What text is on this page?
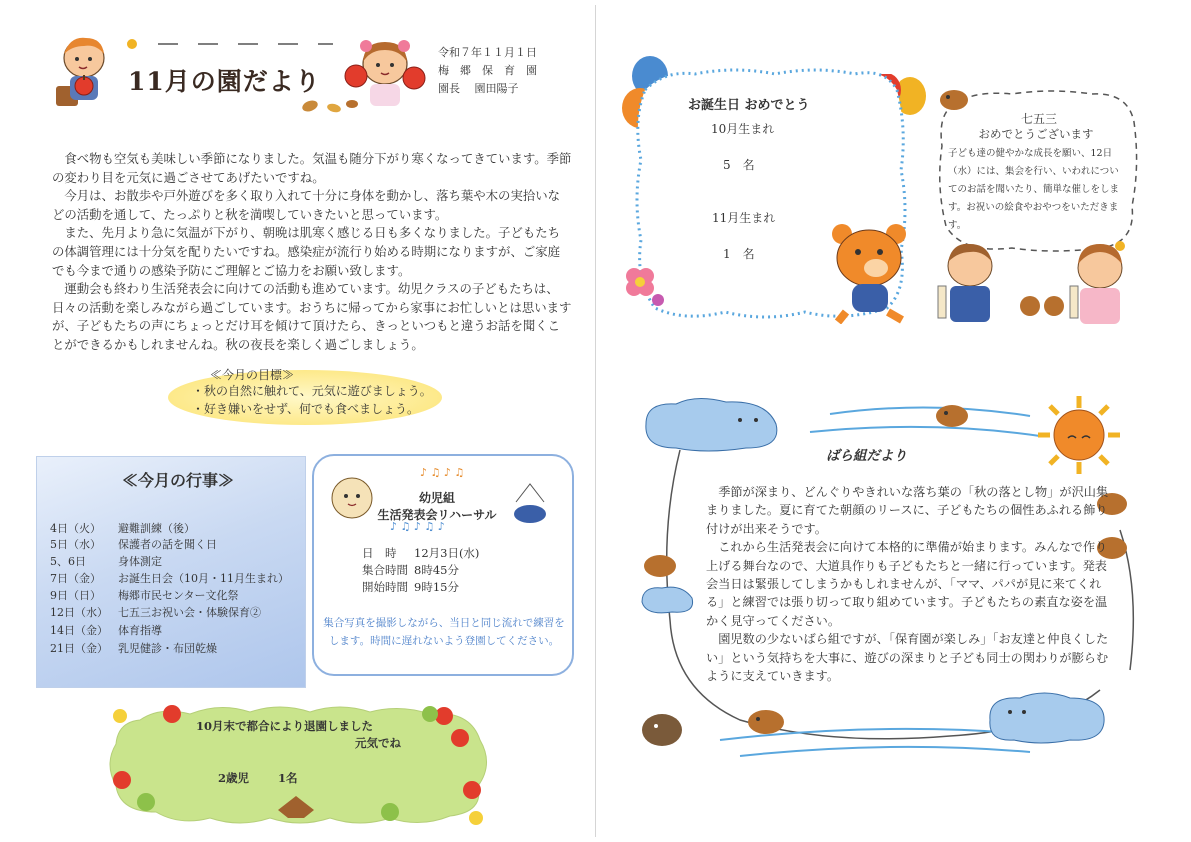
11月の園だより
令和７年１１月１日
梅　郷　保　育　園
園長　 園田陽子

食べ物も空気も美味しい季節になりました。気温も随分下がり寒くなってきています。季節の変わり目を元気に過ごさせてあげたいですね。

今月は、お散歩や戸外遊びを多く取り入れて十分に身体を動かし、落ち葉や木の実拾いなどの活動を通して、たっぷりと秋を満喫していきたいと思っています。

また、先月より急に気温が下がり、朝晩は肌寒く感じる日も多くなりました。子どもたちの体調管理には十分気を配りたいですね。感染症が流行り始める時期になりますが、ご家庭でも今まで通りの感染予防にご理解とご協力をお願い致します。

運動会も終わり生活発表会に向けての活動も進めています。幼児クラスの子どもたちは、日々の活動を楽しみながら過ごしています。おうちに帰ってから家事にお忙しいとは思いますが、子どもたちの声にちょっとだけ耳を傾けて頂けたら、きっといつもと違うお話を聞くことができるかもしれませんね。秋の夜長を楽しく過ごしましょう。

≪今月の目標≫
・秋の自然に触れて、元気に遊びましょう。
・好き嫌いをせず、何でも食べましょう。
≪今月の行事≫
4日（火） 避難訓練（後）
5日（水） 保護者の話を聞く日
5、6日	身体測定
7日（金） お誕生日会（10月・11月生まれ）
9日（日） 梅郷市民センター文化祭
12日（水） 七五三お祝い会・体験保育②
14日（金） 体育指導
21日（金） 乳児健診・布団乾燥
♪ ♫ ♪ ♫
♪ ♫ ♪ ♫ ♪
幼児組
生活発表会リハーサル
日　時 12月3日(水)
集合時間 8時45分
開始時間 9時15分
集合写真を撮影しながら、当日と同じ流れで練習をします。時間に遅れないよう登園してください。
10月末で都合により退園しました
元気でね
2歳児	1名
お誕生日 おめでとう
10月生まれ
5　名
11月生まれ
1　名
七五三
おめでとうございます
子ども達の健やかな成長を願い、12日（水）には、集会を行い、いわれについてのお話を聞いたり、簡単な催しをします。お祝いの絵食やおやつをいただきます。
ばら組だより

季節が深まり、どんぐりやきれいな落ち葉の「秋の落とし物」が沢山集まりました。夏に育てた朝顔のリースに、子どもたちの個性あふれる飾り付けが出来そうです。

これから生活発表会に向けて本格的に準備が始まります。みんなで作り上げる舞台なので、大道具作りも子どもたちと一緒に行っています。発表会当日は緊張してしまうかもしれませんが、「ママ、パパが見に来てくれる」と練習では張り切って取り組めています。子どもたちの素直な姿を温かく見守ってください。

園児数の少ないばら組ですが、「保育園が楽しみ」「お友達と仲良くしたい」という気持ちを大事に、遊びの深まりと子ども同士の関わりが膨らむように支えていきます。
